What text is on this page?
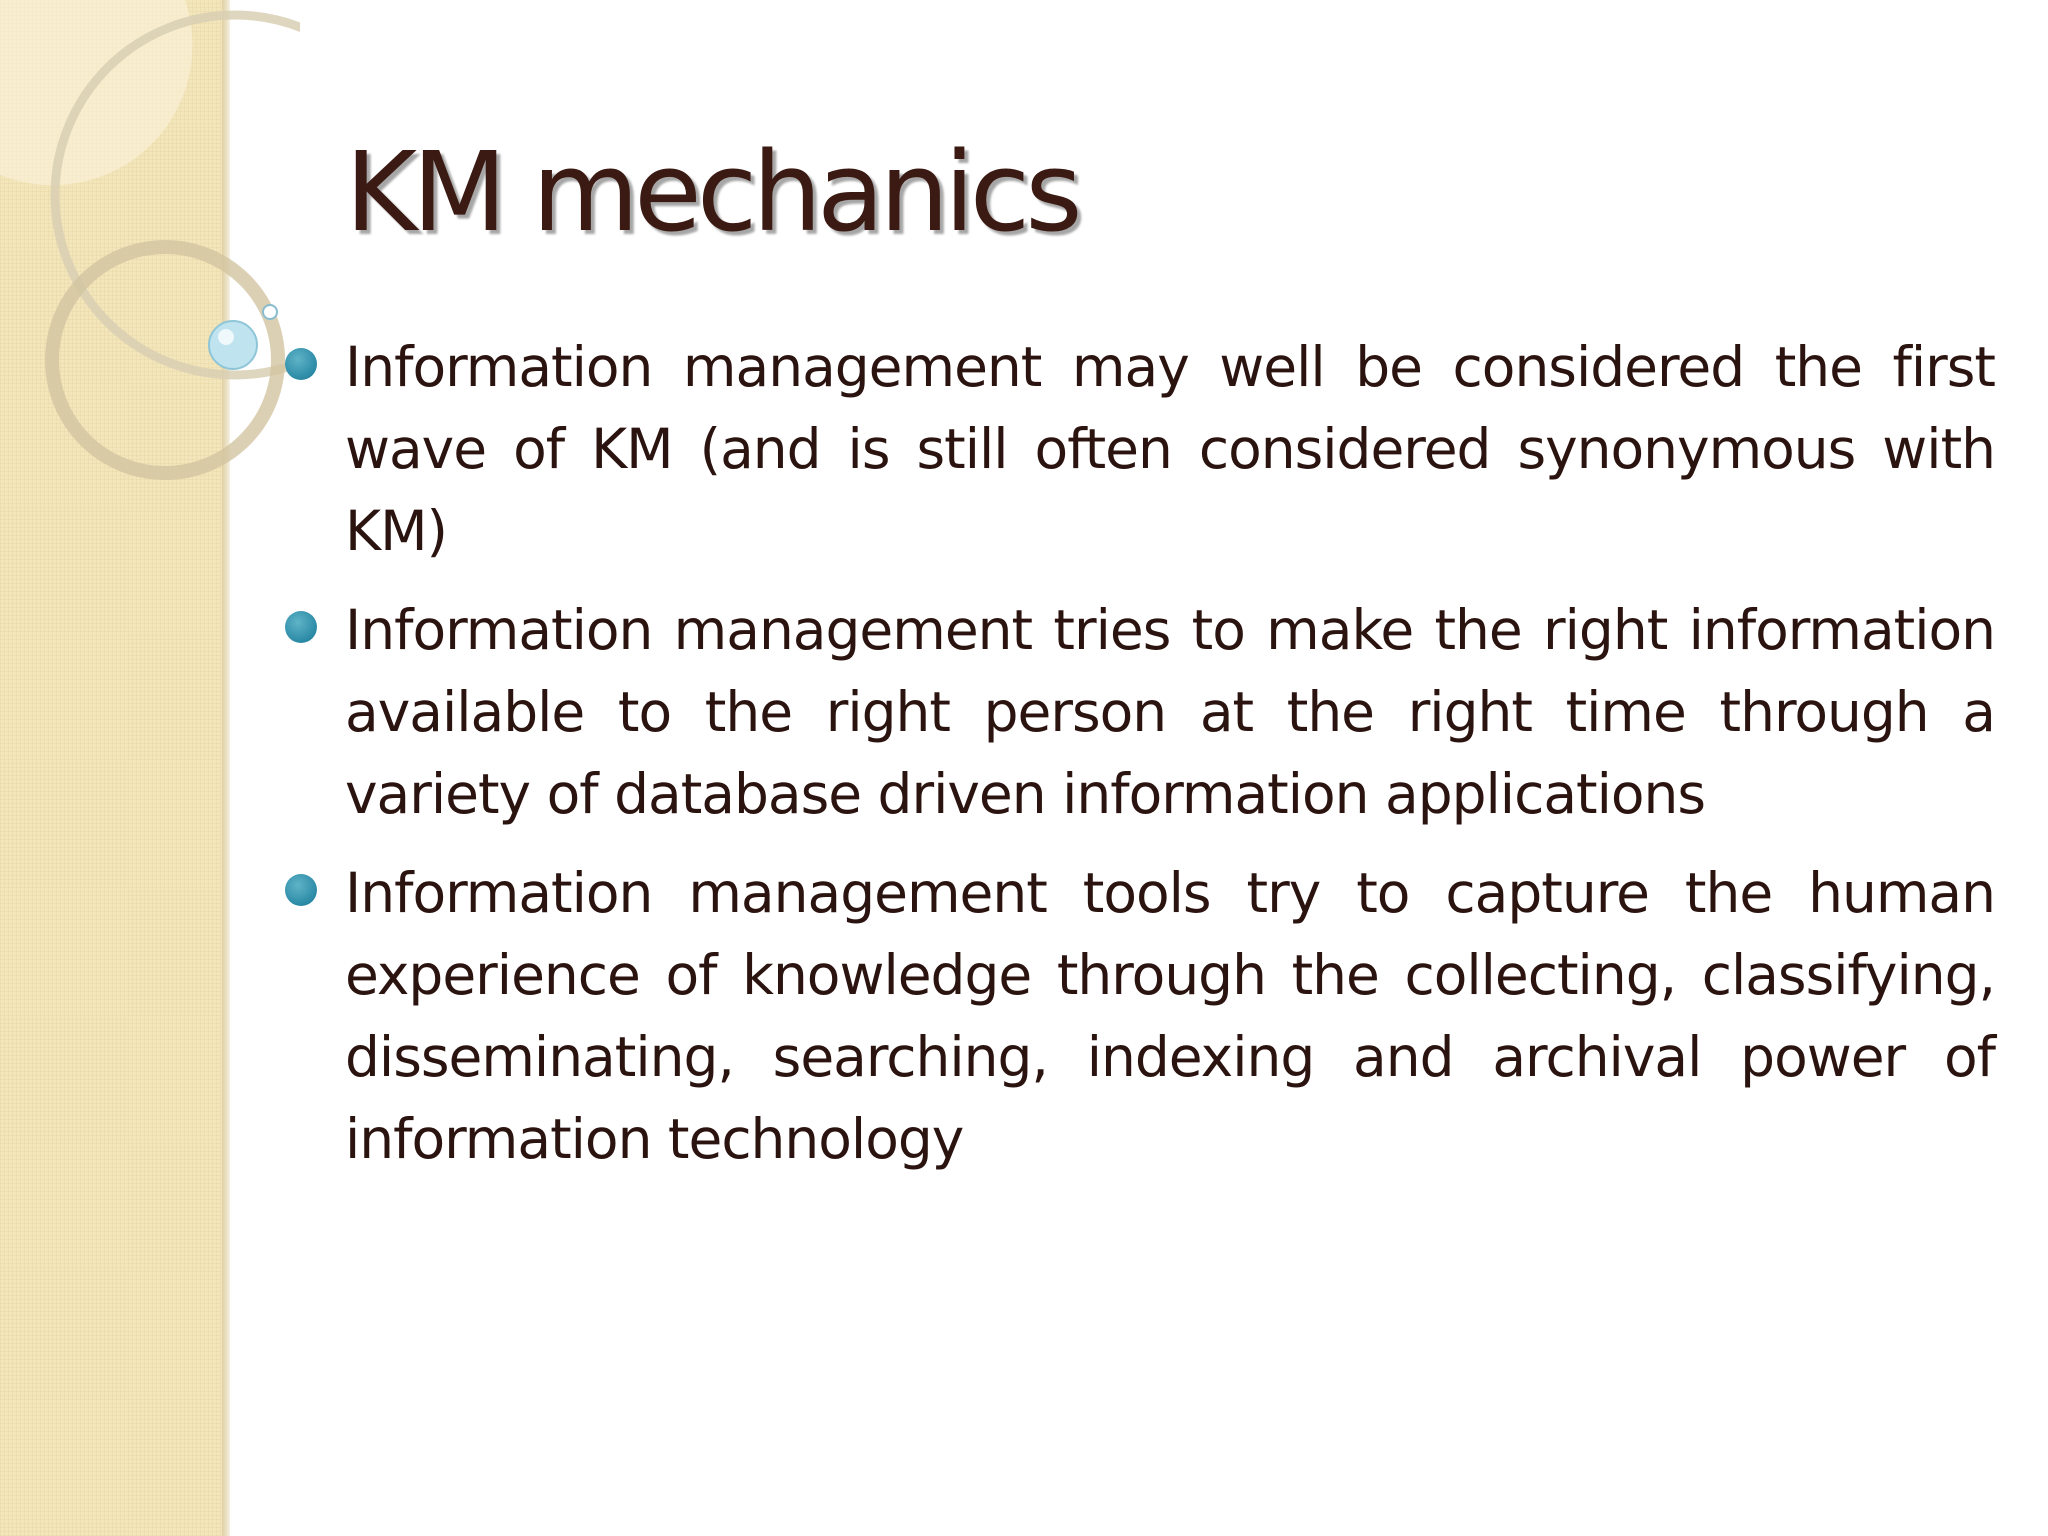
KM mechanics
Information management may well be considered the first wave of KM (and is still often considered synonymous with KM)
Information management tries to make the right information available to the right person at the right time through a variety of database driven information applications
Information management tools try to capture the human experience of knowledge through the collecting, classifying, disseminating, searching, indexing and archival power of information technology
